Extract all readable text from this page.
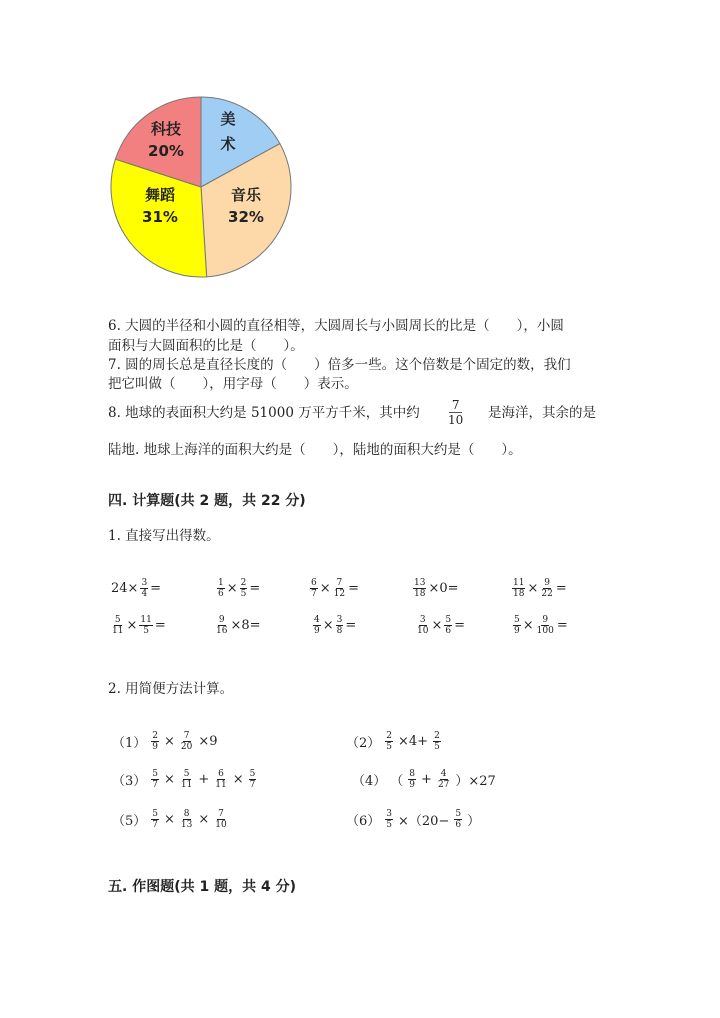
美
术
科技
20%
舞蹈
31%
音乐
32%
6. 大圆的半径和小圆的直径相等，大圆周长与小圆周长的比是（　　），小圆
面积与大圆面积的比是（　　）。
7. 圆的周长总是直径长度的（　　）倍多一些。这个倍数是个固定的数，我们
把它叫做（　　），用字母（　　）表示。
8. 地球的表面积大约是 51000 万平方千米，其中约 $\frac{7}{10}$ 是海洋，其余的是
陆地. 地球上海洋的面积大约是（　　），陆地的面积大约是（　　）。
四. 计算题(共 2 题，共 22 分)
1. 直接写出得数。
$24\times \frac{3}{4}$ =	$\frac{1}{6} \times \frac{2}{5}$ =	$\frac{6}{7} \times \frac{7}{12}$ =	$\frac{13}{18} \times 0=$	$\frac{11}{18} \times \frac{9}{22}$ =
$\frac{5}{11} \times \frac{11}{5}$ =	$\frac{9}{16} \times 8=$	$\frac{4}{9} \times \frac{3}{8}$ =	$\frac{3}{10} \times \frac{5}{6}$ =	$\frac{5}{9} \times \frac{9}{100}$ =
2. 用简便方法计算。
$(1) \frac{2}{9} \times \frac{7}{20} \times 9$	$(2) \frac{2}{5} \times 4+ \frac{2}{5}$
$(3) \frac{5}{7} \times \frac{5}{11} + \frac{6}{11} \times \frac{5}{7}$	（4） （ $\frac{8}{9} + \frac{4}{27} )\times 27$
$(5) \frac{5}{7} \times \frac{8}{13} \times \frac{7}{10}$	$(6) \frac{3}{5} \times(20- \frac{5}{6}$ ）
五. 作图题(共 1 题，共 4 分)
